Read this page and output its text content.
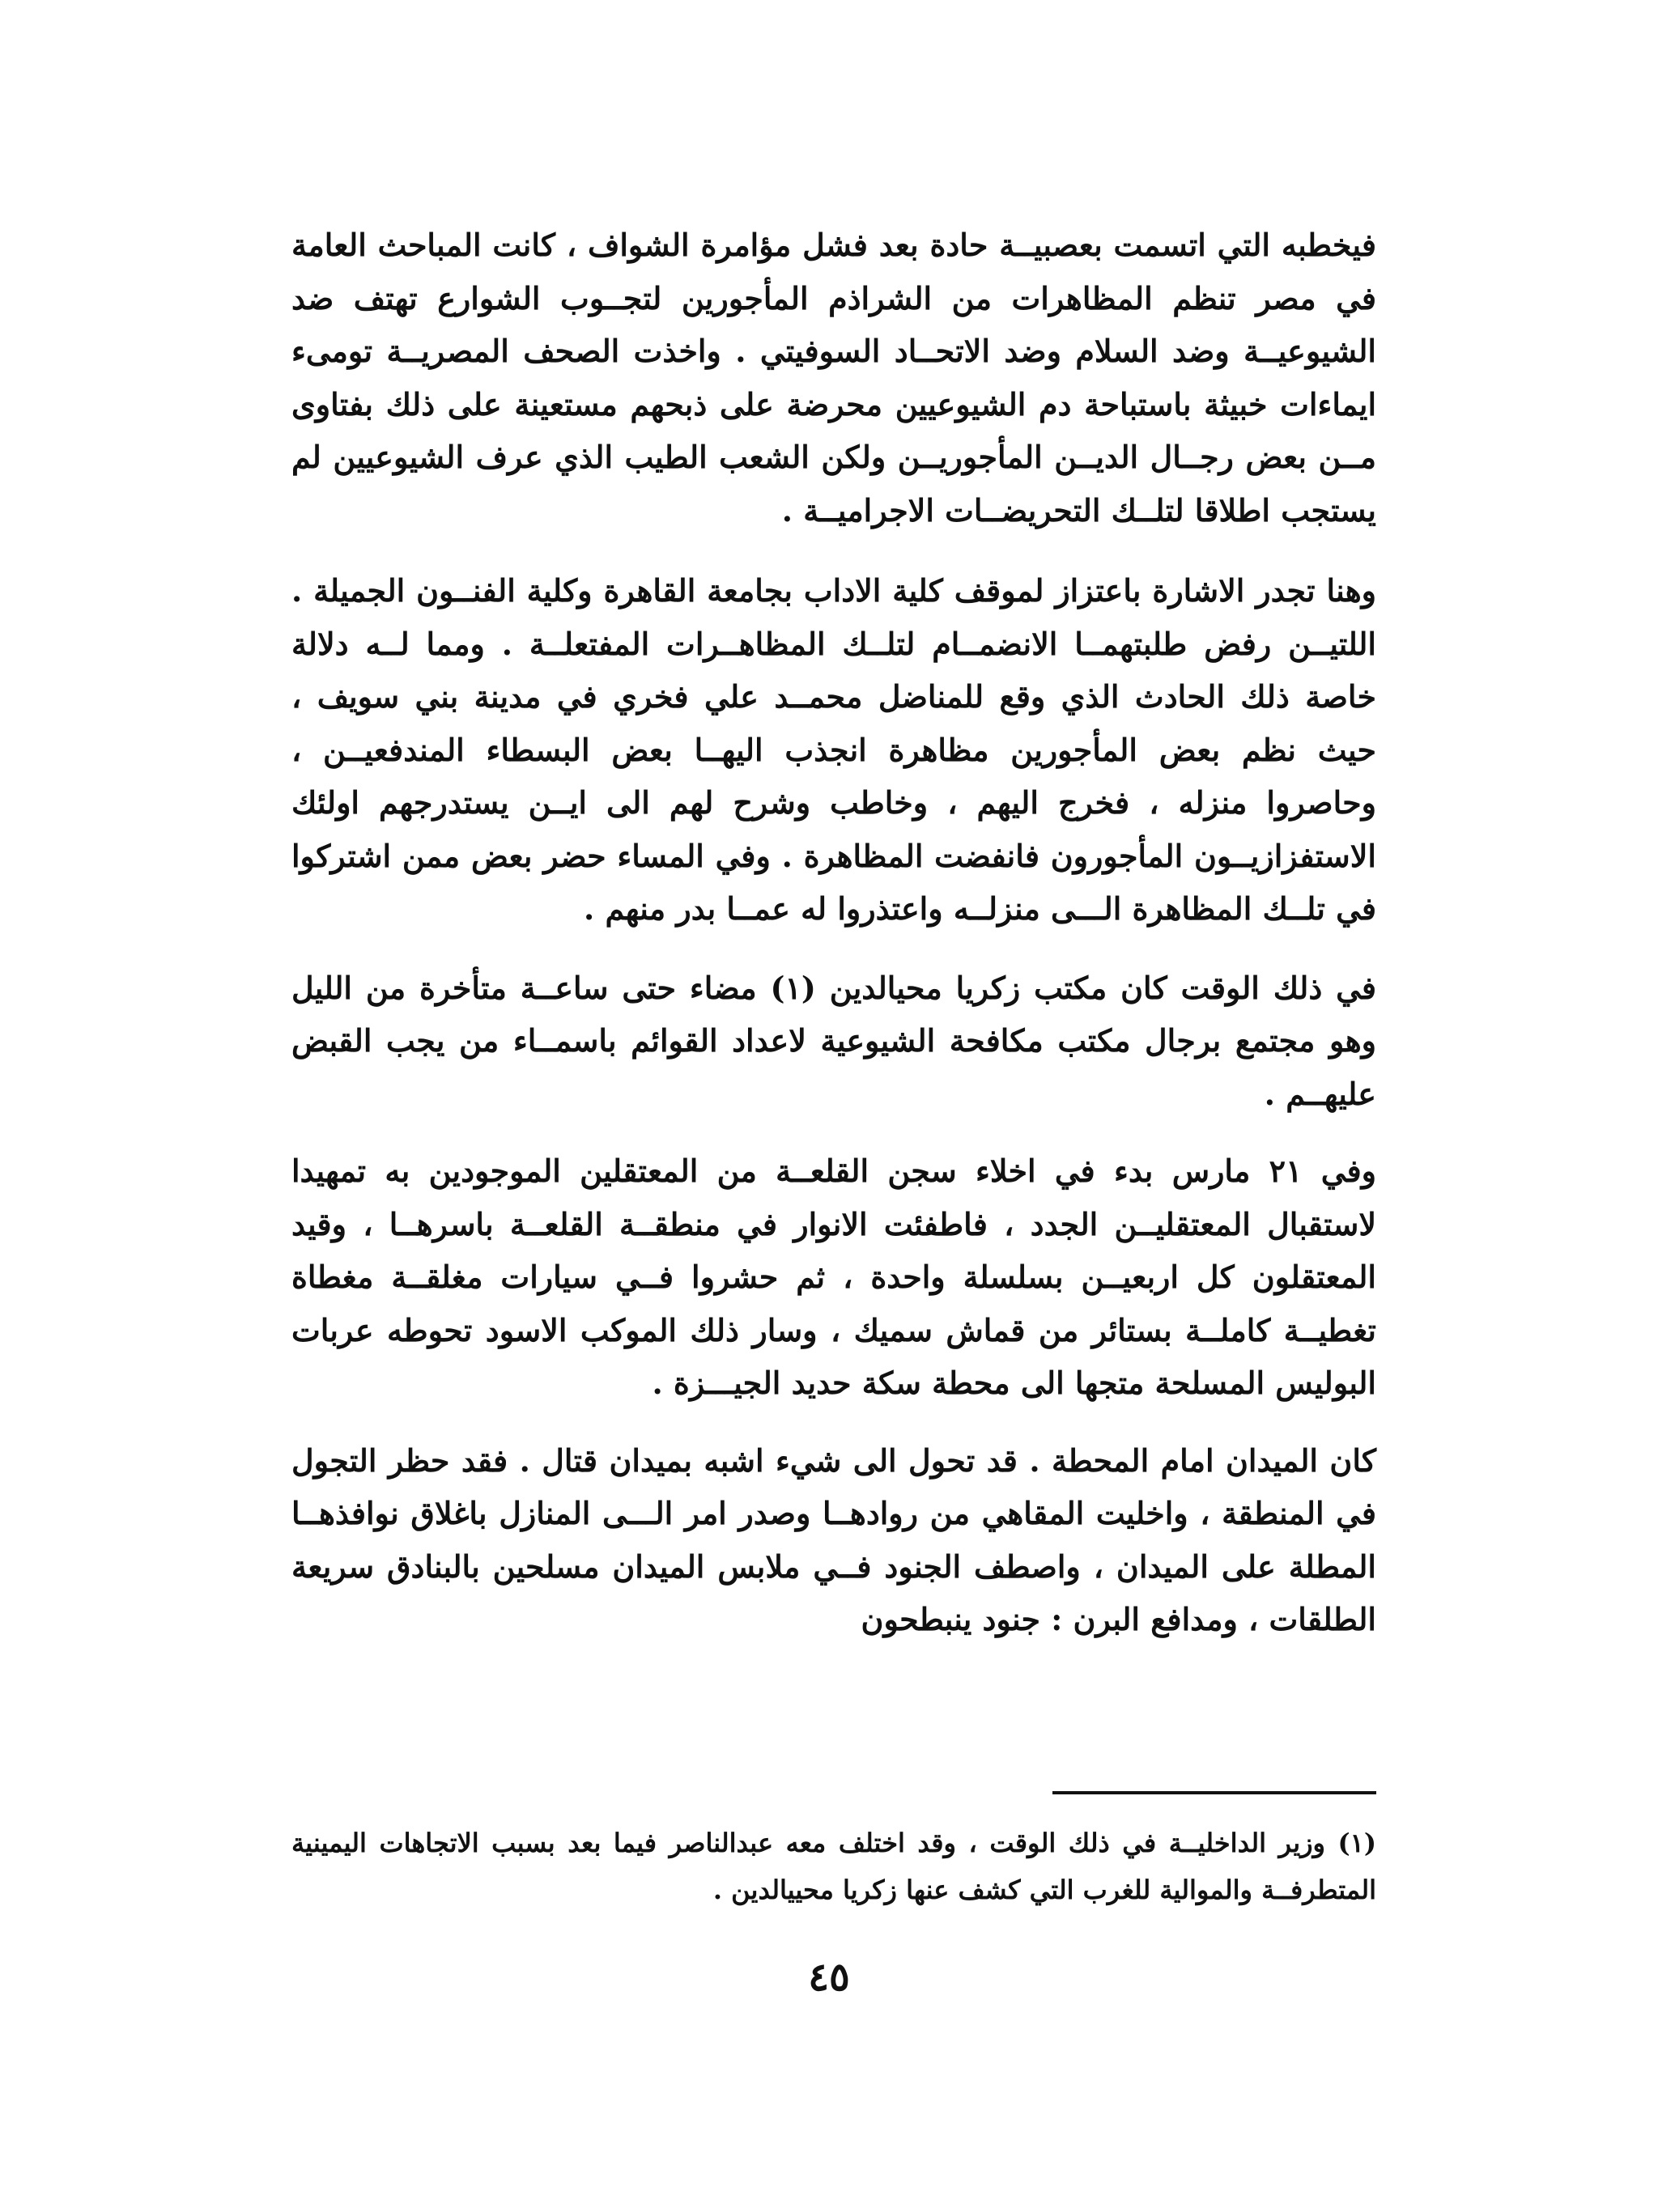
فيخطبه التي اتسمت بعصبيــة حادة بعد فشل مؤامرة الشواف ، كانت المباحث العامة في مصر تنظم المظاهرات من الشراذم المأجورين لتجــوب الشوارع تهتف ضد الشيوعيــة وضد السلام وضد الاتحــاد السوفيتي . واخذت الصحف المصريــة تومىء ايماءات خبيثة باستباحة دم الشيوعيين محرضة على ذبحهم مستعينة على ذلك بفتاوى مــن بعض رجــال الديــن المأجوريــن ولكن الشعب الطيب الذي عرف الشيوعيين لم يستجب اطلاقا لتلــك التحريضــات الاجراميــة .

وهنا تجدر الاشارة باعتزاز لموقف كلية الاداب بجامعة القاهرة وكلية الفنــون الجميلة . اللتيــن رفض طلبتهمــا الانضمــام لتلــك المظاهــرات المفتعلــة . ومما لــه دلالة خاصة ذلك الحادث الذي وقع للمناضل محمــد علي فخري في مدينة بني سويف ، حيث نظم بعض المأجورين مظاهرة انجذب اليهــا بعض البسطاء المندفعيــن ، وحاصروا منزله ، فخرج اليهم ، وخاطب وشرح لهم الى ايــن يستدرجهم اولئك الاستفزازيــون المأجورون فانفضت المظاهرة . وفي المساء حضر بعض ممن اشتركوا في تلــك المظاهرة الـــى منزلــه واعتذروا له عمــا بدر منهم .

في ذلك الوقت كان مكتب زكريا محيالدين (١) مضاء حتى ساعــة متأخرة من الليل وهو مجتمع برجال مكتب مكافحة الشيوعية لاعداد القوائم باسمــاء من يجب القبض عليهــم .

وفي ٢١ مارس بدء في اخلاء سجن القلعــة من المعتقلين الموجودين به تمهيدا لاستقبال المعتقليــن الجدد ، فاطفئت الانوار في منطقــة القلعــة باسرهــا ، وقيد المعتقلون كل اربعيــن بسلسلة واحدة ، ثم حشروا فــي سيارات مغلقــة مغطاة تغطيــة كاملــة بستائر من قماش سميك ، وسار ذلك الموكب الاسود تحوطه عربات البوليس المسلحة متجها الى محطة سكة حديد الجيـــزة .

كان الميدان امام المحطة . قد تحول الى شيء اشبه بميدان قتال . فقد حظر التجول في المنطقة ، واخليت المقاهي من روادهــا وصدر امر الـــى المنازل باغلاق نوافذهــا المطلة على الميدان ، واصطف الجنود فــي ملابس الميدان مسلحين بالبنادق سريعة الطلقات ، ومدافع البرن : جنود ينبطحون

(١) وزير الداخليــة في ذلك الوقت ، وقد اختلف معه عبدالناصر فيما بعد بسبب الاتجاهات اليمينية المتطرفــة والموالية للغرب التي كشف عنها زكريا محييالدين .

٤٥
